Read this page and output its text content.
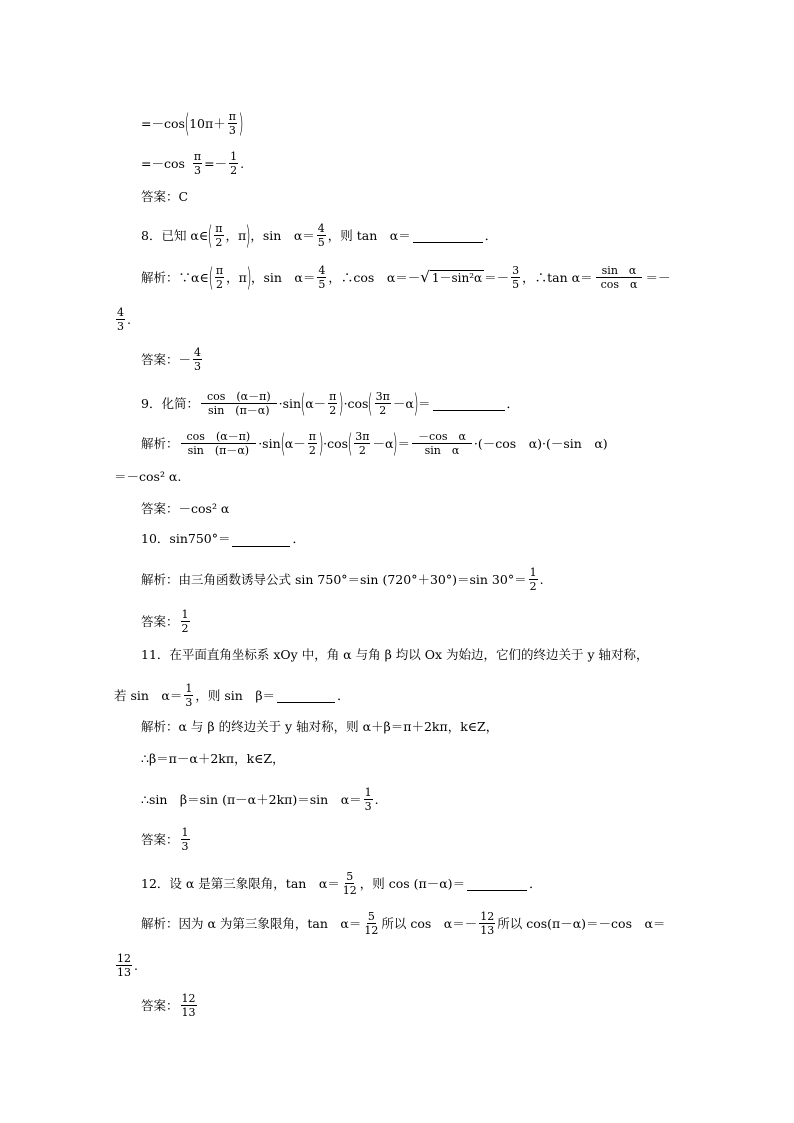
=－cos ( $10\pi+ \frac{\pi}{3}$ )
$=-\cos \frac{\pi}{3} =- \frac{1}{2}$ .
答案：C
8．已知 α∈ ( $\frac{\pi}{2}$ ，π ) ，sin　$\alpha= \frac{4}{5}$ ，则 tan　α＝	．
解析：∵α∈ ( $\frac{\pi}{2}$ ，π ) ，sin　$\alpha= \frac{4}{5}$ ，∴cos　α＝－ √ $1-\sin^2\alpha =- \frac{3}{5}$ ，∴tan $\alpha= \frac{\text{sin　α}}{\text{cos　α}}$ ＝－
$\frac{4}{3}$ .
答案：－ $\frac{4}{3}$
9．化简： $\frac{\cos (\alpha-\pi)}{\sin (\pi-\alpha)} \cdot\sin$ ( $\alpha- \frac{\pi}{2}$ ) ·cos ( $\frac{3\pi}{2} -\alpha$ ) ＝	．
解析： $\frac{\cos (\alpha-\pi)}{\sin (\pi-\alpha)} \cdot\sin$ ( $\alpha- \frac{\pi}{2}$ ) ·cos ( $\frac{3\pi}{2} -\alpha$ ) ＝ $\frac{\text{－cos　α}}{\text{sin　α}} \cdot(-\cos$　α)·(－sin　α)
＝－cos² α.
答案：－cos² α
10．sin750°＝	．
解析：由三角函数诱导公式 sin 750°＝sin (720°＋30°)＝sin $30^\circ= \frac{1}{2}$ .
答案： $\frac{1}{2}$
11．在平面直角坐标系 xOy 中，角 α 与角 β 均以 Ox 为始边，它们的终边关于 y 轴对称，
若 sin　$\alpha= \frac{1}{3}$ ，则 sin　β＝	．
解析：α 与 β 的终边关于 y 轴对称，则 α＋β＝π＋2kπ，k∈Z，
∴β＝π－α＋2kπ，k∈Z，
∴sin　β＝sin (π－α＋2kπ)＝sin　$\alpha= \frac{1}{3}$ .
答案： $\frac{1}{3}$
12．设 α 是第三象限角，tan　$\alpha= \frac{5}{12}$ ，则 cos (π－α)＝	．
解析：因为 α 为第三象限角，tan　$\alpha= \frac{5}{12}$ 所以 cos　$\alpha=- \frac{12}{13}$ 所以 cos(π－α)＝－cos　α＝
$\frac{12}{13}$ .
答案： $\frac{12}{13}$
